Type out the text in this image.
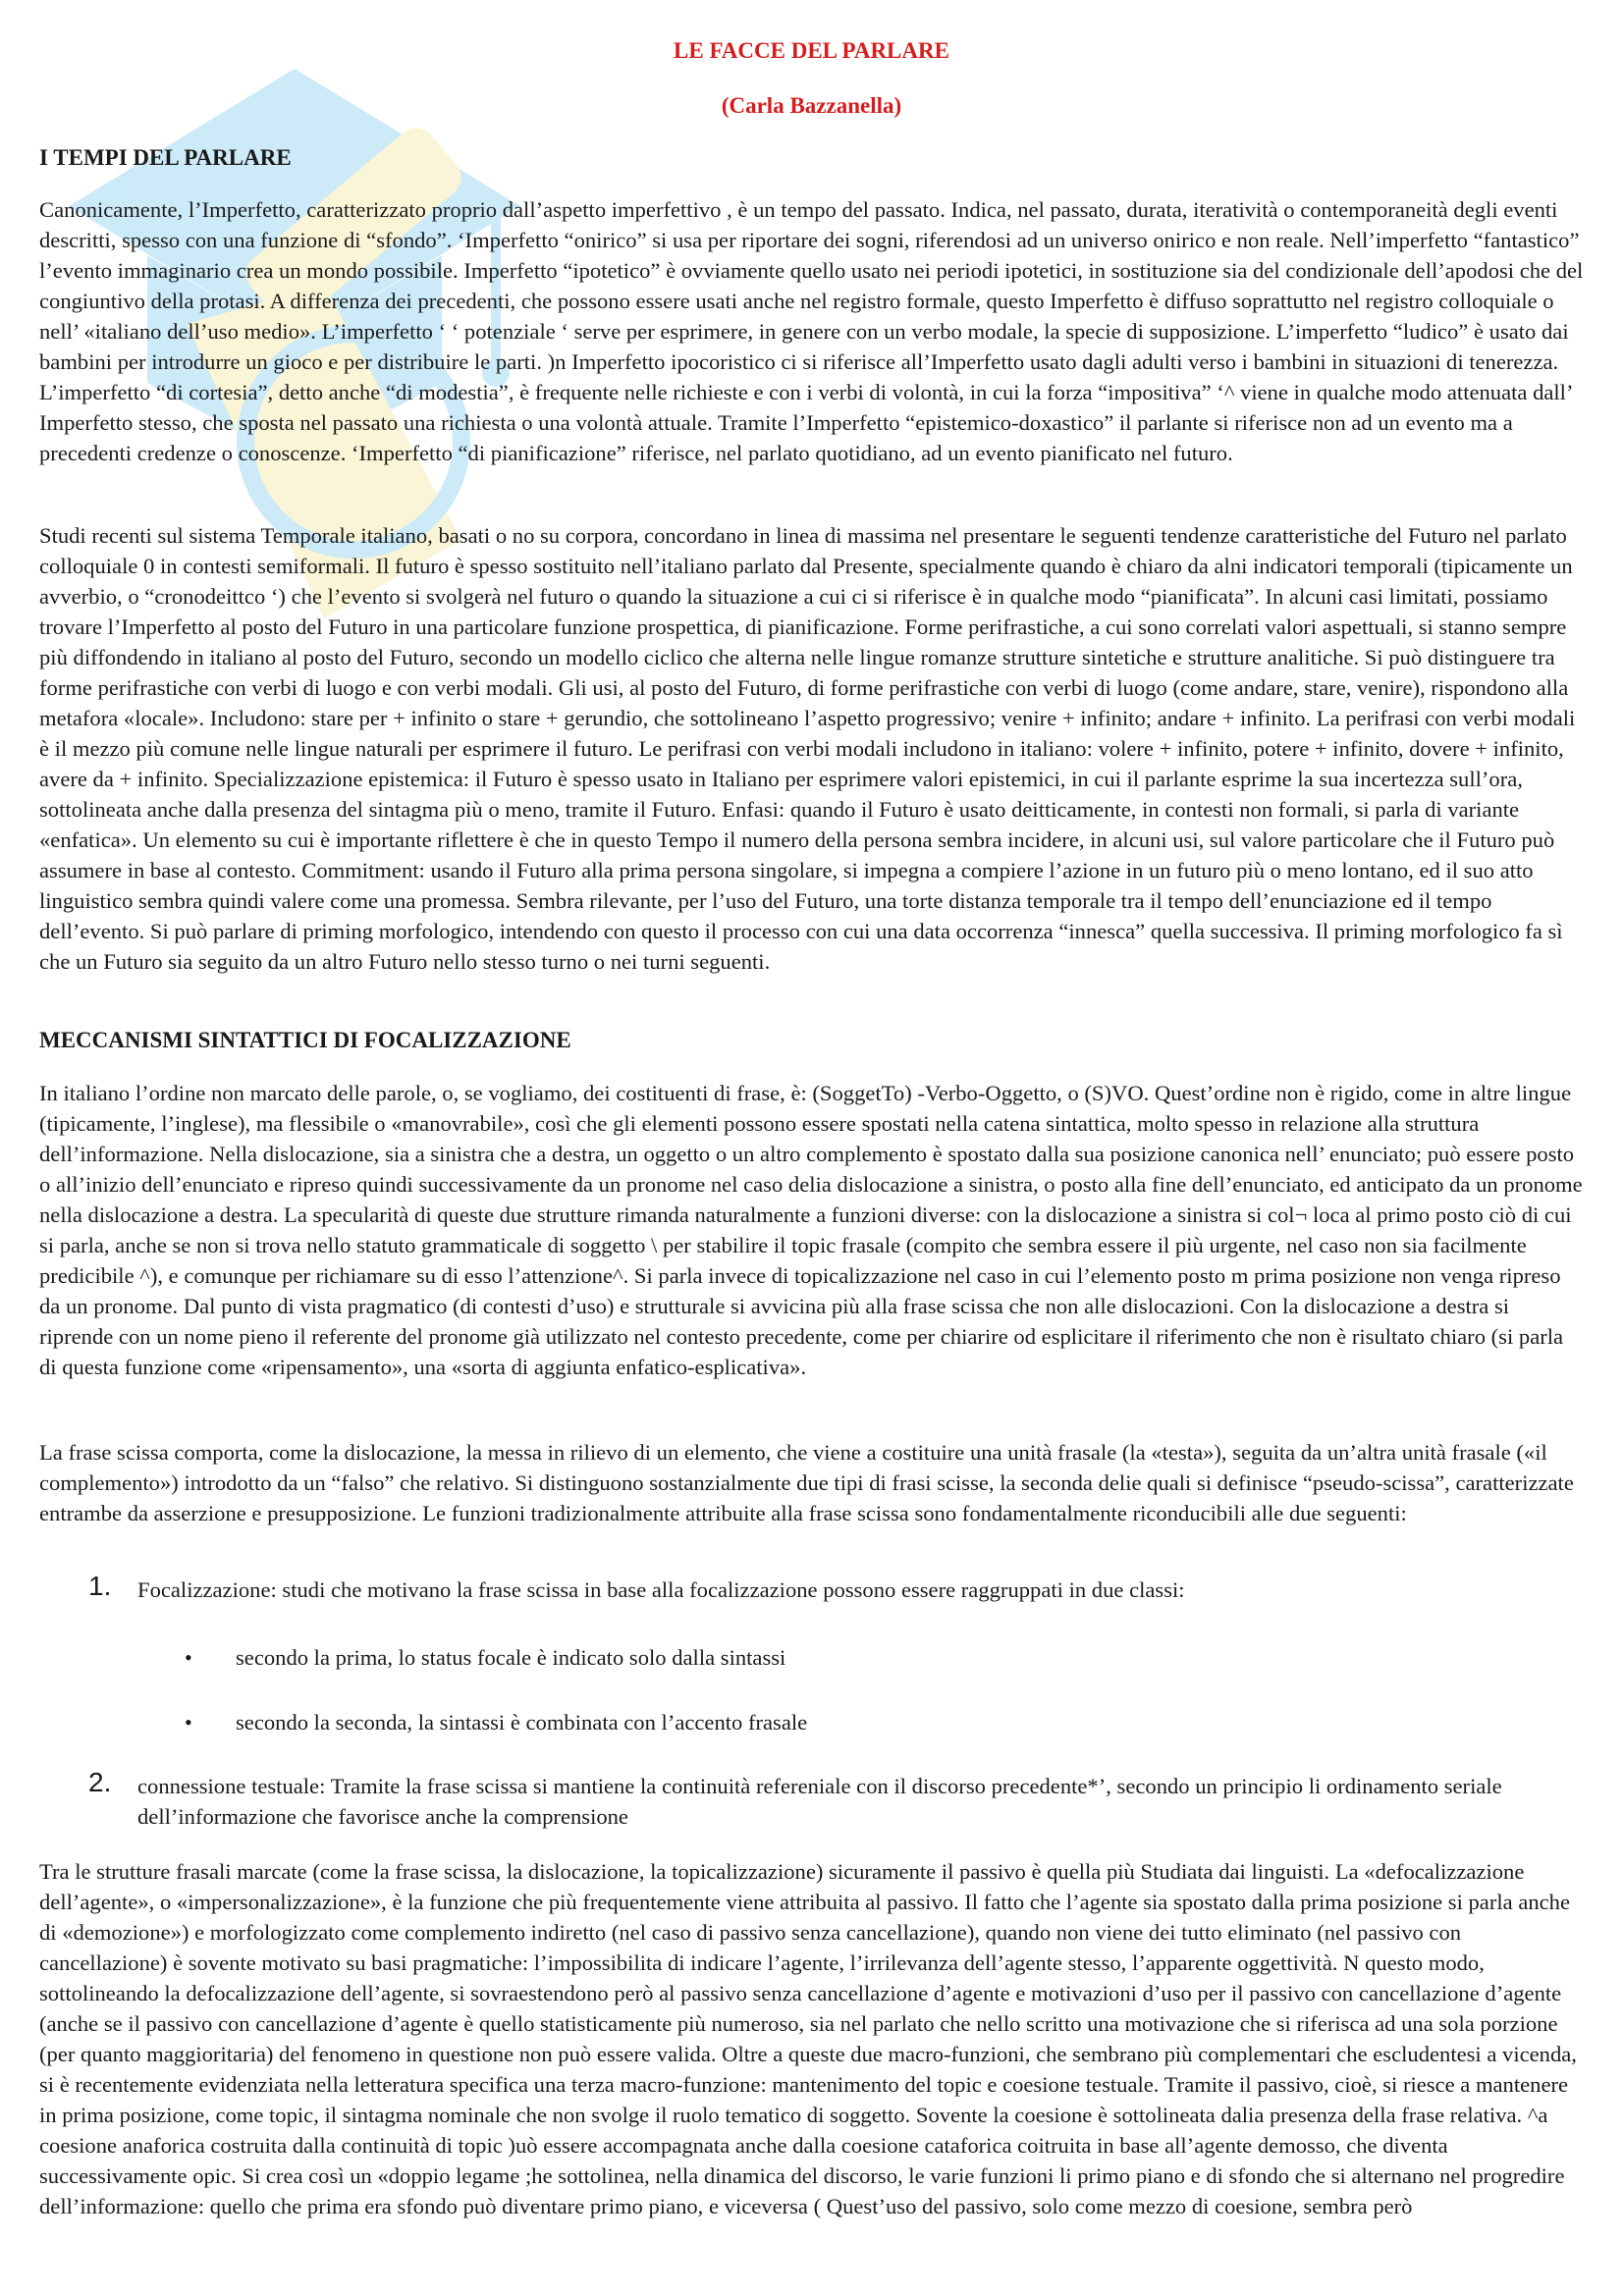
LE FACCE DEL PARLARE
(Carla Bazzanella)
I TEMPI DEL PARLARE
Canonicamente, l’Imperfetto, caratterizzato proprio dall’aspetto imperfettivo , è un tempo del passato. Indica, nel passato, durata, iteratività o contemporaneità degli eventi descritti, spesso con una funzione di “sfondo”. ‘Imperfetto “onirico” si usa per riportare dei sogni, riferendosi ad un universo onirico e non reale. Nell’imperfetto “fantastico” l’evento immaginario crea un mondo possibile. Imperfetto “ipotetico” è ovviamente quello usato nei periodi ipotetici, in sostituzione sia del condizionale dell’apodosi che del congiuntivo della protasi. A differenza dei precedenti, che possono essere usati anche nel registro formale, questo Imperfetto è diffuso soprattutto nel registro colloquiale o nell’ «italiano dell’uso medio». L’imperfetto ‘ ‘ potenziale ‘ serve per esprimere, in genere con un verbo modale, la specie di supposizione. L’imperfetto “ludico” è usato dai bambini per introdurre un gioco e per distribuire le parti. )n Imperfetto ipocoristico ci si riferisce all’Imperfetto usato dagli adulti verso i bambini in situazioni di tenerezza. L’imperfetto “di cortesia”, detto anche “di modestia”, è frequente nelle richieste e con i verbi di volontà, in cui la forza “impositiva” ‘^ viene in qualche modo attenuata dall’ Imperfetto stesso, che sposta nel passato una richiesta o una volontà attuale. Tramite l’Imperfetto “epistemico-doxastico” il parlante si riferisce non ad un evento ma a precedenti credenze o conoscenze. ‘Imperfetto “di pianificazione” riferisce, nel parlato quotidiano, ad un evento pianificato nel futuro.
Studi recenti sul sistema Temporale italiano, basati o no su corpora, concordano in linea di massima nel presentare le seguenti tendenze caratteristiche del Futuro nel parlato colloquiale 0 in contesti semiformali. Il futuro è spesso sostituito nell’italiano parlato dal Presente, specialmente quando è chiaro da alni indicatori temporali (tipicamente un avverbio, o “cronodeittco ‘) che l’evento si svolgerà nel futuro o quando la situazione a cui ci si riferisce è in qualche modo “pianificata”. In alcuni casi limitati, possiamo trovare l’Imperfetto al posto del Futuro in una particolare funzione prospettica, di pianificazione. Forme perifrastiche, a cui sono correlati valori aspettuali, si stanno sempre più diffondendo in italiano al posto del Futuro, secondo un modello ciclico che alterna nelle lingue romanze strutture sintetiche e strutture analitiche. Si può distinguere tra forme perifrastiche con verbi di luogo e con verbi modali. Gli usi, al posto del Futuro, di forme perifrastiche con verbi di luogo (come andare, stare, venire), rispondono alla metafora «locale». Includono: stare per + infinito o stare + gerundio, che sottolineano l’aspetto progressivo; venire + infinito; andare + infinito. La perifrasi con verbi modali è il mezzo più comune nelle lingue naturali per esprimere il futuro. Le perifrasi con verbi modali includono in italiano: volere + infinito, potere + infinito, dovere + infinito, avere da + infinito. Specializzazione epistemica: il Futuro è spesso usato in Italiano per esprimere valori epistemici, in cui il parlante esprime la sua incertezza sull’ora, sottolineata anche dalla presenza del sintagma più o meno, tramite il Futuro. Enfasi: quando il Futuro è usato deitticamente, in contesti non formali, si parla di variante «enfatica». Un elemento su cui è importante riflettere è che in questo Tempo il numero della persona sembra incidere, in alcuni usi, sul valore particolare che il Futuro può assumere in base al contesto. Commitment: usando il Futuro alla prima persona singolare, si impegna a compiere l’azione in un futuro più o meno lontano, ed il suo atto linguistico sembra quindi valere come una promessa. Sembra rilevante, per l’uso del Futuro, una torte distanza temporale tra il tempo dell’enunciazione ed il tempo dell’evento. Si può parlare di priming morfologico, intendendo con questo il processo con cui una data occorrenza “innesca” quella successiva. Il priming morfologico fa sì che un Futuro sia seguito da un altro Futuro nello stesso turno o nei turni seguenti.
MECCANISMI SINTATTICI DI FOCALIZZAZIONE
In italiano l’ordine non marcato delle parole, o, se vogliamo, dei costituenti di frase, è: (SoggetTo) -Verbo-Oggetto, o (S)VO. Quest’ordine non è rigido, come in altre lingue (tipicamente, l’inglese), ma flessibile o «manovrabile», così che gli elementi possono essere spostati nella catena sintattica, molto spesso in relazione alla struttura dell’informazione. Nella dislocazione, sia a sinistra che a destra, un oggetto o un altro complemento è spostato dalla sua posizione canonica nell’ enunciato; può essere posto o all’inizio dell’enunciato e ripreso quindi successivamente da un pronome nel caso delia dislocazione a sinistra, o posto alla fine dell’enunciato, ed anticipato da un pronome nella dislocazione a destra. La specularità di queste due strutture rimanda naturalmente a funzioni diverse: con la dislocazione a sinistra si col¬ loca al primo posto ciò di cui si parla, anche se non si trova nello statuto grammaticale di soggetto \ per stabilire il topic frasale (compito che sembra essere il più urgente, nel caso non sia facilmente predicibile ^), e comunque per richiamare su di esso l’attenzione^. Si parla invece di topicalizzazione nel caso in cui l’elemento posto m prima posizione non venga ripreso da un pronome. Dal punto di vista pragmatico (di contesti d’uso) e strutturale si avvicina più alla frase scissa che non alle dislocazioni. Con la dislocazione a destra si riprende con un nome pieno il referente del pronome già utilizzato nel contesto precedente, come per chiarire od esplicitare il riferimento che non è risultato chiaro (si parla di questa funzione come «ripensamento», una «sorta di aggiunta enfatico-esplicativa».
La frase scissa comporta, come la dislocazione, la messa in rilievo di un elemento, che viene a costituire una unità frasale (la «testa»), seguita da un’altra unità frasale («il complemento») introdotto da un “falso” che relativo. Si distinguono sostanzialmente due tipi di frasi scisse, la seconda delie quali si definisce “pseudo-scissa”, caratterizzate entrambe da asserzione e presupposizione. Le funzioni tradizionalmente attribuite alla frase scissa sono fondamentalmente riconducibili alle due seguenti:
1. Focalizzazione: studi che motivano la frase scissa in base alla focalizzazione possono essere raggruppati in due classi:
• secondo la prima, lo status focale è indicato solo dalla sintassi
• secondo la seconda, la sintassi è combinata con l’accento frasale
2. connessione testuale: Tramite la frase scissa si mantiene la continuità refereniale con il discorso precedente*’, secondo un principio li ordinamento seriale dell’informazione che favorisce anche la comprensione
Tra le strutture frasali marcate (come la frase scissa, la dislocazione, la topicalizzazione) sicuramente il passivo è quella più Studiata dai linguisti. La «defocalizzazione dell’agente», o «impersonalizzazione», è la funzione che più frequentemente viene attribuita al passivo. Il fatto che l’agente sia spostato dalla prima posizione si parla anche di «demozione») e morfologizzato come complemento indiretto (nel caso di passivo senza cancellazione), quando non viene dei tutto eliminato (nel passivo con cancellazione) è sovente motivato su basi pragmatiche: l’impossibilita di indicare l’agente, l’irrilevanza dell’agente stesso, l’apparente oggettività. N questo modo, sottolineando la defocalizzazione dell’agente, si sovraestendono però al passivo senza cancellazione d’agente e motivazioni d’uso per il passivo con cancellazione d’agente (anche se il passivo con cancellazione d’agente è quello statisticamente più numeroso, sia nel parlato che nello scritto una motivazione che si riferisca ad una sola porzione (per quanto maggioritaria) del fenomeno in questione non può essere valida. Oltre a queste due macro-funzioni, che sembrano più complementari che escludentesi a vicenda, si è recentemente evidenziata nella letteratura specifica una terza macro-funzione: mantenimento del topic e coesione testuale. Tramite il passivo, cioè, si riesce a mantenere in prima posizione, come topic, il sintagma nominale che non svolge il ruolo tematico di soggetto. Sovente la coesione è sottolineata dalia presenza della frase relativa. ^a coesione anaforica costruita dalla continuità di topic )uò essere accompagnata anche dalla coesione cataforica coitruita in base all’agente demosso, che diventa successivamente opic. Si crea così un «doppio legame ;he sottolinea, nella dinamica del discorso, le varie funzioni li primo piano e di sfondo che si alternano nel progredire dell’informazione: quello che prima era sfondo può diventare primo piano, e viceversa ( Quest’uso del passivo, solo come mezzo di coesione, sembra però
